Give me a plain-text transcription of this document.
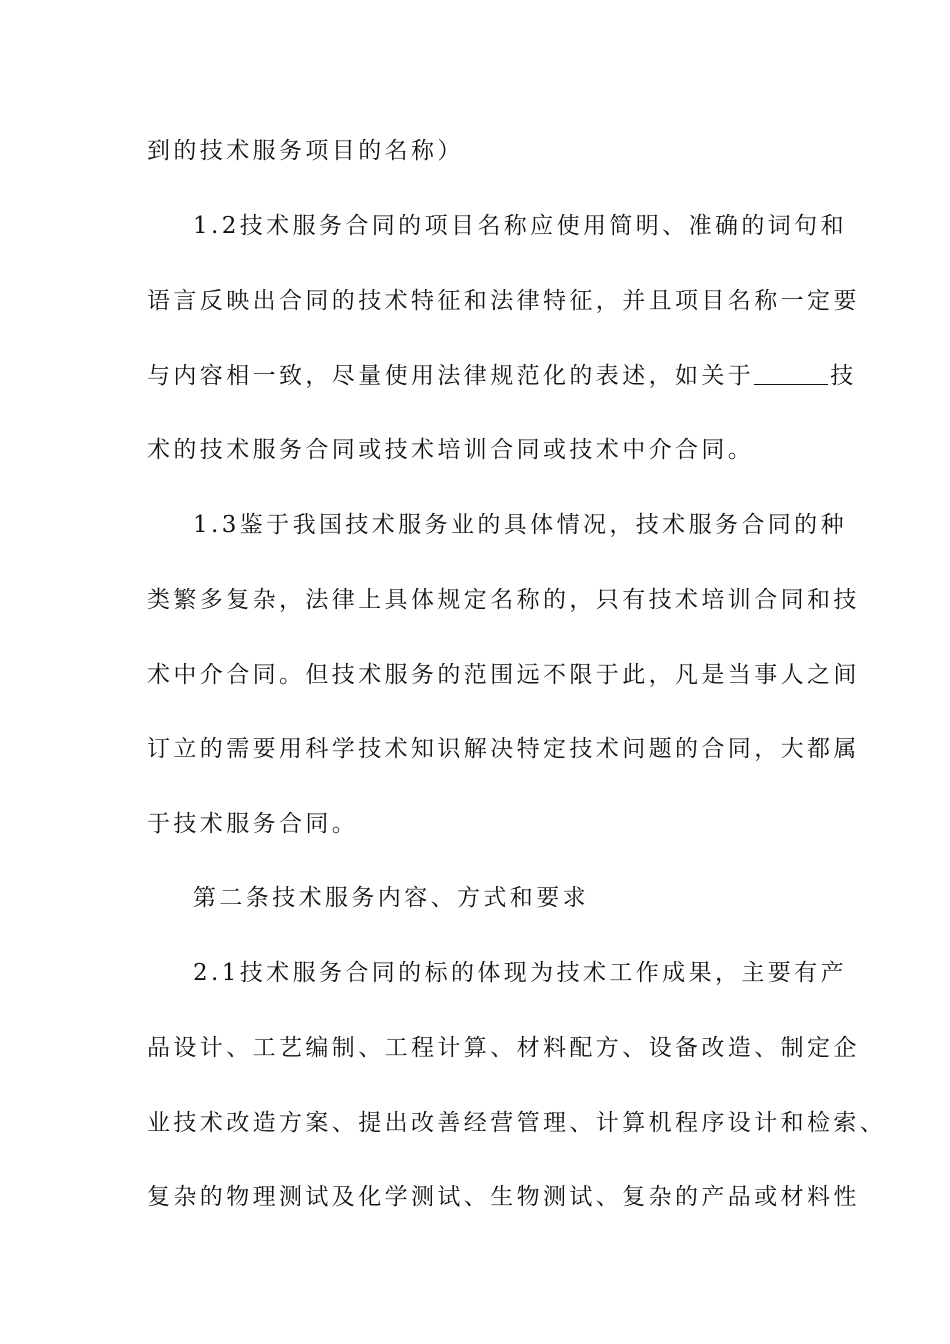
到的技术服务项目的名称）
1.2技术服务合同的项目名称应使用简明、准确的词句和
语言反映出合同的技术特征和法律特征，并且项目名称一定要
与内容相一致，尽量使用法律规范化的表述，如关于	技
术的技术服务合同或技术培训合同或技术中介合同。
1.3鉴于我国技术服务业的具体情况，技术服务合同的种
类繁多复杂，法律上具体规定名称的，只有技术培训合同和技
术中介合同。但技术服务的范围远不限于此，凡是当事人之间
订立的需要用科学技术知识解决特定技术问题的合同，大都属
于技术服务合同。
第二条技术服务内容、方式和要求
2.1技术服务合同的标的体现为技术工作成果，主要有产
品设计、工艺编制、工程计算、材料配方、设备改造、制定企
业技术改造方案、提出改善经营管理、计算机程序设计和检索、
复杂的物理测试及化学测试、生物测试、复杂的产品或材料性
